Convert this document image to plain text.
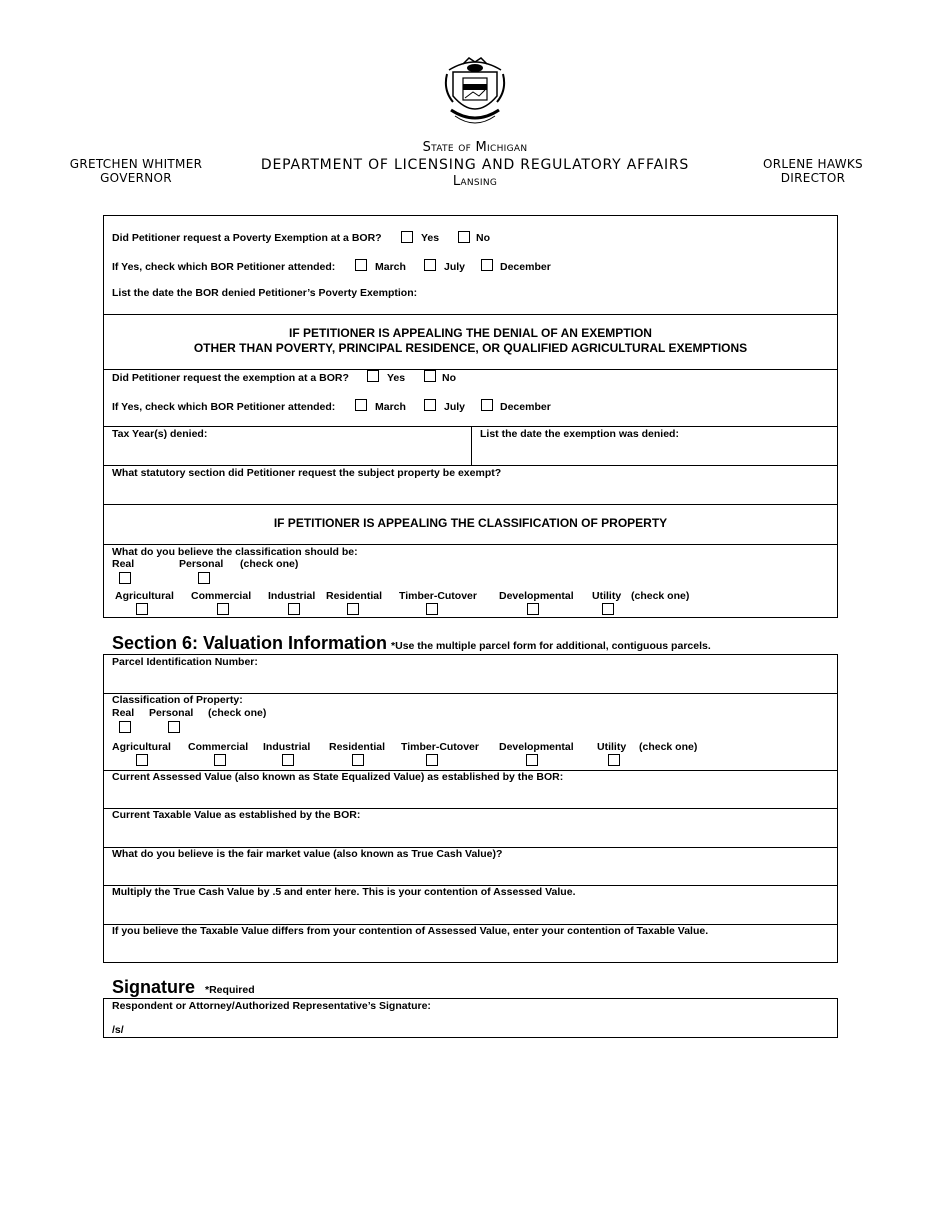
GRETCHEN WHITMER
GOVERNOR
State of Michigan
DEPARTMENT OF LICENSING AND REGULATORY AFFAIRS
Lansing
ORLENE HAWKS
DIRECTOR
Did Petitioner request a Poverty Exemption at a BOR?	Yes	No
If Yes, check which BOR Petitioner attended:	March	July	December
List the date the BOR denied Petitioner’s Poverty Exemption:
IF PETITIONER IS APPEALING THE DENIAL OF AN EXEMPTION
OTHER THAN POVERTY, PRINCIPAL RESIDENCE, OR QUALIFIED AGRICULTURAL EXEMPTIONS
Did Petitioner request the exemption at a BOR?	Yes	No
If Yes, check which BOR Petitioner attended:	March	July	December
Tax Year(s) denied:	List the date the exemption was denied:
What statutory section did Petitioner request the subject property be exempt?
IF PETITIONER IS APPEALING THE CLASSIFICATION OF PROPERTY
What do you believe the classification should be:
Real	Personal (check one)
Agricultural Commercial Industrial Residential Timber-Cutover Developmental Utility (check one)
Section 6: Valuation Information *Use the multiple parcel form for additional, contiguous parcels.
Parcel Identification Number:
Classification of Property:
Real Personal (check one)
Agricultural Commercial Industrial Residential Timber-Cutover Developmental Utility (check one)
Current Assessed Value (also known as State Equalized Value) as established by the BOR:
Current Taxable Value as established by the BOR:
What do you believe is the fair market value (also known as True Cash Value)?
Multiply the True Cash Value by .5 and enter here. This is your contention of Assessed Value.
If you believe the Taxable Value differs from your contention of Assessed Value, enter your contention of Taxable Value.
Signature *Required
Respondent or Attorney/Authorized Representative’s Signature:
/s/
